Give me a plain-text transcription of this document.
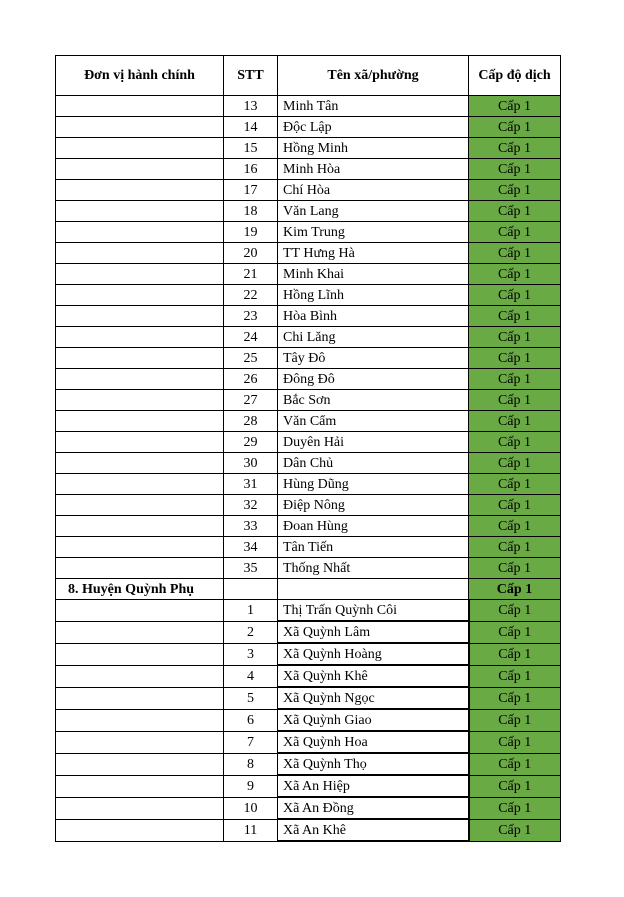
Đơn vị hành chính	STT	Tên xã/phường	Cấp độ dịch
	13	Minh Tân	Cấp 1
	14	Độc Lập	Cấp 1
	15	Hồng Minh	Cấp 1
	16	Minh Hòa	Cấp 1
	17	Chí Hòa	Cấp 1
	18	Văn Lang	Cấp 1
	19	Kim Trung	Cấp 1
	20	TT Hưng Hà	Cấp 1
	21	Minh Khai	Cấp 1
	22	Hồng Lĩnh	Cấp 1
	23	Hòa Bình	Cấp 1
	24	Chi Lăng	Cấp 1
	25	Tây Đô	Cấp 1
	26	Đông Đô	Cấp 1
	27	Bắc Sơn	Cấp 1
	28	Văn Cẩm	Cấp 1
	29	Duyên Hải	Cấp 1
	30	Dân Chủ	Cấp 1
	31	Hùng Dũng	Cấp 1
	32	Điệp Nông	Cấp 1
	33	Đoan Hùng	Cấp 1
	34	Tân Tiến	Cấp 1
	35	Thống Nhất	Cấp 1
8. Huyện Quỳnh Phụ			Cấp 1
	1	Thị Trấn Quỳnh Côi	Cấp 1
	2	Xã Quỳnh Lâm	Cấp 1
	3	Xã Quỳnh Hoàng	Cấp 1
	4	Xã Quỳnh Khê	Cấp 1
	5	Xã Quỳnh Ngọc	Cấp 1
	6	Xã Quỳnh Giao	Cấp 1
	7	Xã Quỳnh Hoa	Cấp 1
	8	Xã Quỳnh Thọ	Cấp 1
	9	Xã An Hiệp	Cấp 1
	10	Xã An Đồng	Cấp 1
	11	Xã An Khê	Cấp 1
